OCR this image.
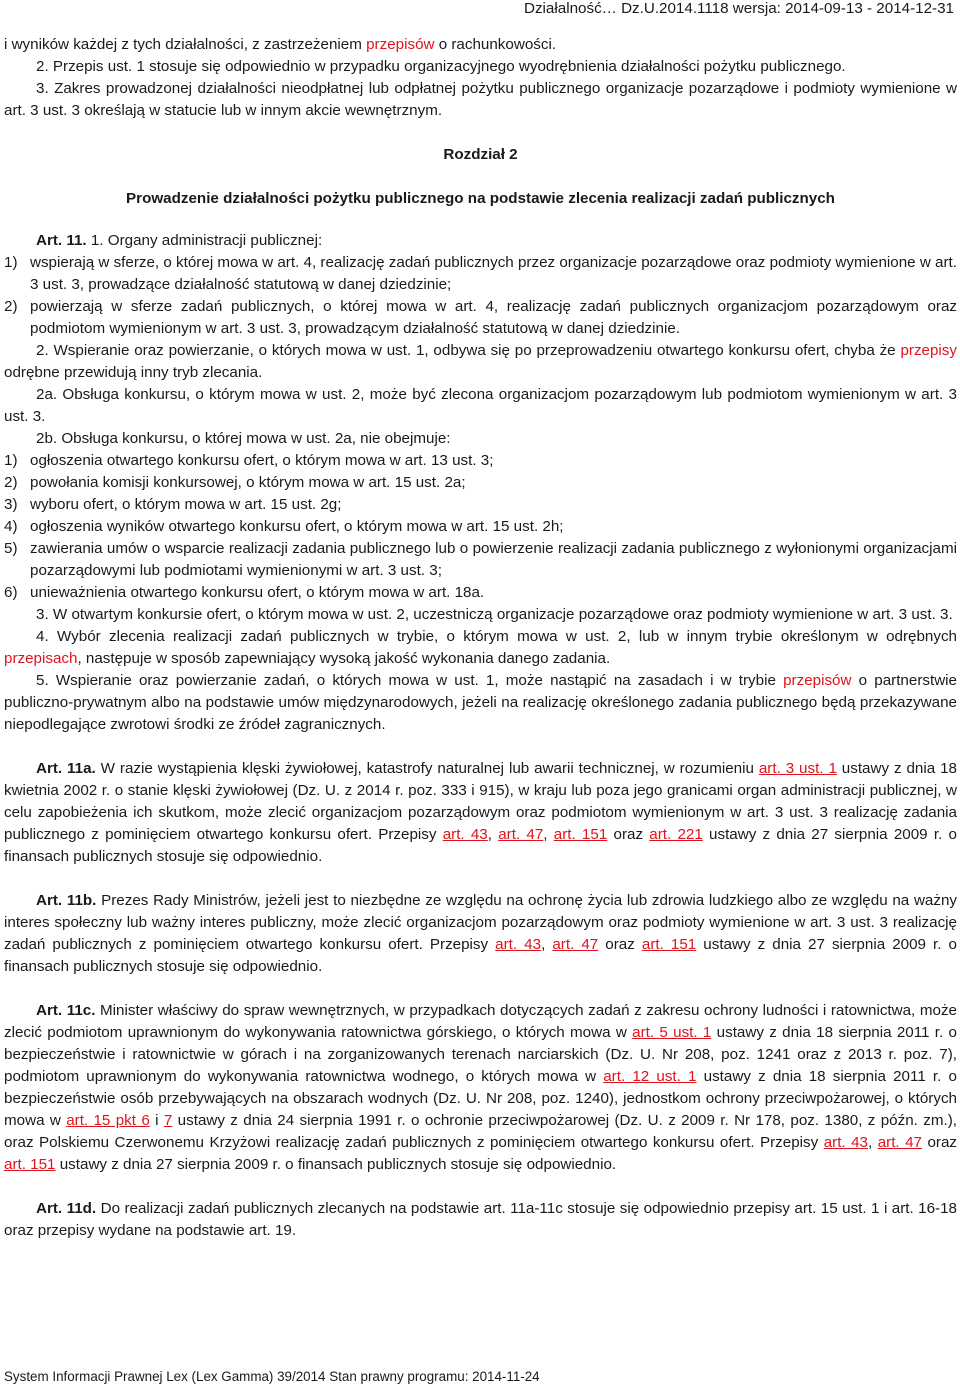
Działalność… Dz.U.2014.1118 wersja: 2014-09-13 - 2014-12-31

i wyników każdej z tych działalności, z zastrzeżeniem przepisów o rachunkowości.

2. Przepis ust. 1 stosuje się odpowiednio w przypadku organizacyjnego wyodrębnienia działalności pożytku publicznego.

3. Zakres prowadzonej działalności nieodpłatnej lub odpłatnej pożytku publicznego organizacje pozarządowe i podmioty wymienione w art. 3 ust. 3 określają w statucie lub w innym akcie wewnętrznym.

Rozdział 2
Prowadzenie działalności pożytku publicznego na podstawie zlecenia realizacji zadań publicznych

Art. 11. 1. Organy administracji publicznej:

1) wspierają w sferze, o której mowa w art. 4, realizację zadań publicznych przez organizacje pozarządowe oraz podmioty wymienione w art. 3 ust. 3, prowadzące działalność statutową w danej dziedzinie;
2) powierzają w sferze zadań publicznych, o której mowa w art. 4, realizację zadań publicznych organizacjom pozarządowym oraz podmiotom wymienionym w art. 3 ust. 3, prowadzącym działalność statutową w danej dziedzinie.

2. Wspieranie oraz powierzanie, o których mowa w ust. 1, odbywa się po przeprowadzeniu otwartego konkursu ofert, chyba że przepisy odrębne przewidują inny tryb zlecania.

2a. Obsługa konkursu, o którym mowa w ust. 2, może być zlecona organizacjom pozarządowym lub podmiotom wymienionym w art. 3 ust. 3.

2b. Obsługa konkursu, o której mowa w ust. 2a, nie obejmuje:

1) ogłoszenia otwartego konkursu ofert, o którym mowa w art. 13 ust. 3;
2) powołania komisji konkursowej, o którym mowa w art. 15 ust. 2a;
3) wyboru ofert, o którym mowa w art. 15 ust. 2g;
4) ogłoszenia wyników otwartego konkursu ofert, o którym mowa w art. 15 ust. 2h;
5) zawierania umów o wsparcie realizacji zadania publicznego lub o powierzenie realizacji zadania publicznego z wyłonionymi organizacjami pozarządowymi lub podmiotami wymienionymi w art. 3 ust. 3;
6) unieważnienia otwartego konkursu ofert, o którym mowa w art. 18a.

3. W otwartym konkursie ofert, o którym mowa w ust. 2, uczestniczą organizacje pozarządowe oraz podmioty wymienione w art. 3 ust. 3.

4. Wybór zlecenia realizacji zadań publicznych w trybie, o którym mowa w ust. 2, lub w innym trybie określonym w odrębnych przepisach, następuje w sposób zapewniający wysoką jakość wykonania danego zadania.

5. Wspieranie oraz powierzanie zadań, o których mowa w ust. 1, może nastąpić na zasadach i w trybie przepisów o partnerstwie publiczno-prywatnym albo na podstawie umów międzynarodowych, jeżeli na realizację określonego zadania publicznego będą przekazywane niepodlegające zwrotowi środki ze źródeł zagranicznych.

Art. 11a. W razie wystąpienia klęski żywiołowej, katastrofy naturalnej lub awarii technicznej, w rozumieniu art. 3 ust. 1 ustawy z dnia 18 kwietnia 2002 r. o stanie klęski żywiołowej (Dz. U. z 2014 r. poz. 333 i 915), w kraju lub poza jego granicami organ administracji publicznej, w celu zapobieżenia ich skutkom, może zlecić organizacjom pozarządowym oraz podmiotom wymienionym w art. 3 ust. 3 realizację zadania publicznego z pominięciem otwartego konkursu ofert. Przepisy art. 43, art. 47, art. 151 oraz art. 221 ustawy z dnia 27 sierpnia 2009 r. o finansach publicznych stosuje się odpowiednio.

Art. 11b. Prezes Rady Ministrów, jeżeli jest to niezbędne ze względu na ochronę życia lub zdrowia ludzkiego albo ze względu na ważny interes społeczny lub ważny interes publiczny, może zlecić organizacjom pozarządowym oraz podmioty wymienione w art. 3 ust. 3 realizację zadań publicznych z pominięciem otwartego konkursu ofert. Przepisy art. 43, art. 47 oraz art. 151 ustawy z dnia 27 sierpnia 2009 r. o finansach publicznych stosuje się odpowiednio.

Art. 11c. Minister właściwy do spraw wewnętrznych, w przypadkach dotyczących zadań z zakresu ochrony ludności i ratownictwa, może zlecić podmiotom uprawnionym do wykonywania ratownictwa górskiego, o których mowa w art. 5 ust. 1 ustawy z dnia 18 sierpnia 2011 r. o bezpieczeństwie i ratownictwie w górach i na zorganizowanych terenach narciarskich (Dz. U. Nr 208, poz. 1241 oraz z 2013 r. poz. 7), podmiotom uprawnionym do wykonywania ratownictwa wodnego, o których mowa w art. 12 ust. 1 ustawy z dnia 18 sierpnia 2011 r. o bezpieczeństwie osób przebywających na obszarach wodnych (Dz. U. Nr 208, poz. 1240), jednostkom ochrony przeciwpożarowej, o których mowa w art. 15 pkt 6 i 7 ustawy z dnia 24 sierpnia 1991 r. o ochronie przeciwpożarowej (Dz. U. z 2009 r. Nr 178, poz. 1380, z późn. zm.), oraz Polskiemu Czerwonemu Krzyżowi realizację zadań publicznych z pominięciem otwartego konkursu ofert. Przepisy art. 43, art. 47 oraz art. 151 ustawy z dnia 27 sierpnia 2009 r. o finansach publicznych stosuje się odpowiednio.

Art. 11d. Do realizacji zadań publicznych zlecanych na podstawie art. 11a-11c stosuje się odpowiednio przepisy art. 15 ust. 1 i art. 16-18 oraz przepisy wydane na podstawie art. 19.

System Informacji Prawnej Lex (Lex Gamma) 39/2014 Stan prawny programu: 2014-11-24
